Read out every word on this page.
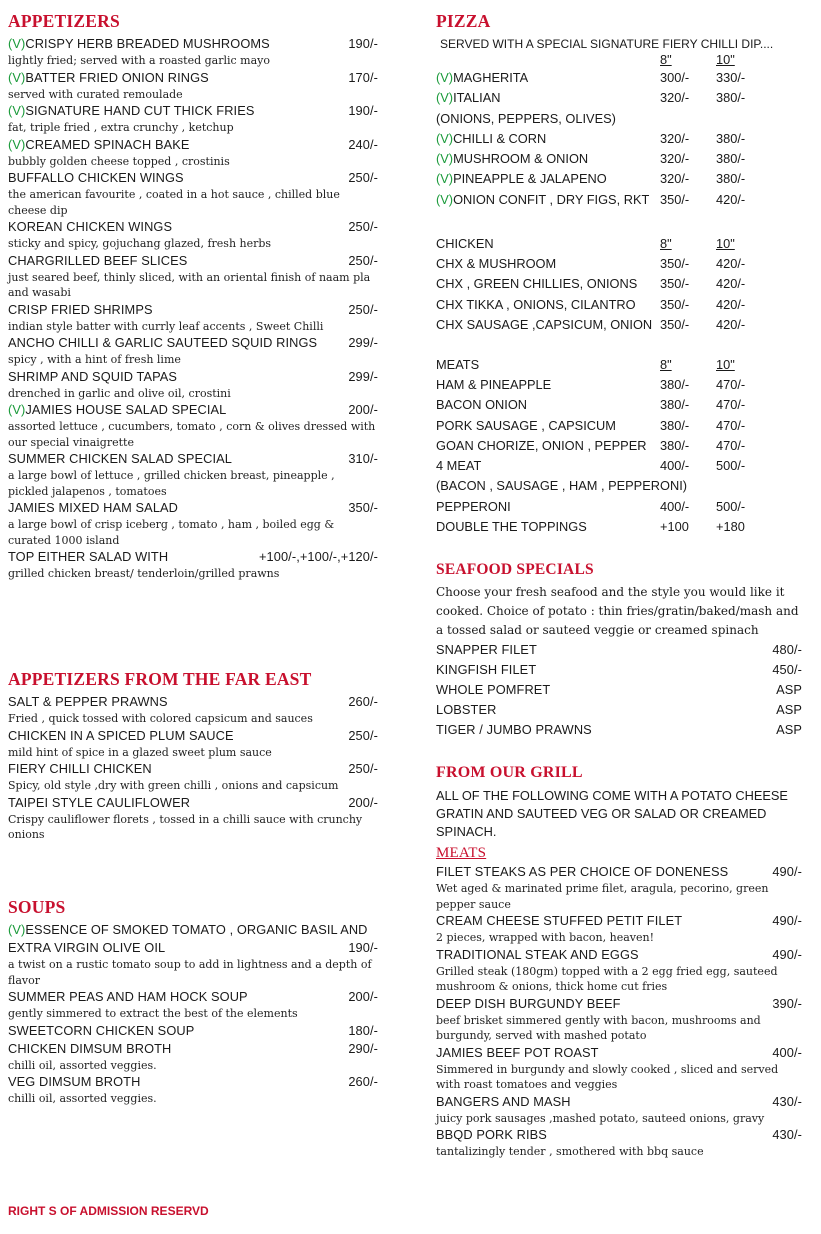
APPETIZERS
(V)CRISPY HERB BREADED MUSHROOMS	190/-
lightly fried; served with a roasted garlic mayo
(V)BATTER FRIED ONION RINGS	170/-
served with curated remoulade
(V)SIGNATURE HAND CUT THICK FRIES	190/-
fat, triple fried , extra crunchy , ketchup
(V)CREAMED SPINACH BAKE	240/-
bubbly golden cheese topped , crostinis
BUFFALLO CHICKEN WINGS	250/-
the american favourite , coated in a hot sauce , chilled blue cheese dip
KOREAN CHICKEN WINGS	250/-
sticky and spicy, gojuchang glazed, fresh herbs
CHARGRILLED BEEF SLICES	250/-
just seared beef, thinly sliced, with an oriental finish of naam pla and wasabi
CRISP FRIED SHRIMPS	250/-
indian style batter with currly leaf accents , Sweet Chilli
ANCHO CHILLI & GARLIC SAUTEED SQUID RINGS	299/-
spicy , with a hint of fresh lime
SHRIMP AND SQUID TAPAS	299/-
drenched in garlic and olive oil, crostini
(V)JAMIES HOUSE SALAD SPECIAL	200/-
assorted lettuce , cucumbers, tomato , corn & olives dressed with our special vinaigrette
SUMMER CHICKEN SALAD SPECIAL	310/-
a large bowl of lettuce , grilled chicken breast, pineapple , pickled jalapenos , tomatoes
JAMIES MIXED HAM SALAD	350/-
a large bowl of crisp iceberg , tomato , ham , boiled egg & curated 1000 island
TOP EITHER SALAD WITH	+100/-,+100/-,+120/-
grilled chicken breast/ tenderloin/grilled prawns
APPETIZERS FROM THE FAR EAST
SALT & PEPPER PRAWNS	260/-
Fried , quick tossed with colored capsicum and sauces
CHICKEN IN A SPICED PLUM SAUCE	250/-
mild hint of spice in a glazed sweet plum sauce
FIERY CHILLI CHICKEN	250/-
Spicy, old style ,dry with green chilli , onions and capsicum
TAIPEI STYLE CAULIFLOWER	200/-
Crispy cauliflower florets , tossed in a chilli sauce with crunchy onions
SOUPS
(V)ESSENCE OF SMOKED TOMATO , ORGANIC BASIL AND
EXTRA VIRGIN OLIVE OIL	190/-
a twist on a rustic tomato soup to add in lightness and a depth of flavor
SUMMER PEAS AND HAM HOCK SOUP	200/-
gently simmered to extract the best of the elements
SWEETCORN CHICKEN SOUP	180/-
CHICKEN DIMSUM BROTH	290/-
chilli oil, assorted veggies.
VEG DIMSUM BROTH	260/-
chilli oil, assorted veggies.
RIGHT S OF ADMISSION RESERVD
PIZZA
SERVED WITH A SPECIAL SIGNATURE FIERY CHILLI DIP....
8"	10"
(V)MAGHERITA	300/-	330/-
(V)ITALIAN	320/-	380/-
(ONIONS, PEPPERS, OLIVES)
(V)CHILLI & CORN	320/-	380/-
(V)MUSHROOM & ONION	320/-	380/-
(V)PINEAPPLE & JALAPENO	320/-	380/-
(V)ONION CONFIT , DRY FIGS, RKT 350/-	420/-
CHICKEN	8"	10"
CHX & MUSHROOM	350/-	420/-
CHX , GREEN CHILLIES, ONIONS	350/-	420/-
CHX TIKKA , ONIONS, CILANTRO	350/-	420/-
CHX SAUSAGE ,CAPSICUM, ONION 350/-	420/-
MEATS	8"	10"
HAM & PINEAPPLE	380/-	470/-
BACON ONION	380/-	470/-
PORK SAUSAGE , CAPSICUM	380/-	470/-
GOAN CHORIZE, ONION , PEPPER	380/-	470/-
4 MEAT	400/-	500/-
(BACON , SAUSAGE , HAM , PEPPERONI)
PEPPERONI	400/-	500/-
DOUBLE THE TOPPINGS	+100	+180
SEAFOOD SPECIALS
Choose your fresh seafood and the style you would like it cooked. Choice of potato : thin fries/gratin/baked/mash and a tossed salad or sauteed veggie or creamed spinach
SNAPPER FILET	480/-
KINGFISH FILET	450/-
WHOLE POMFRET	ASP
LOBSTER	ASP
TIGER / JUMBO PRAWNS	ASP
FROM OUR GRILL
ALL OF THE FOLLOWING COME WITH A POTATO CHEESE GRATIN AND SAUTEED VEG OR SALAD OR CREAMED SPINACH.
MEATS
FILET STEAKS AS PER CHOICE OF DONENESS	490/-
Wet aged & marinated prime filet, aragula, pecorino, green pepper sauce
CREAM CHEESE STUFFED PETIT FILET	490/-
2 pieces, wrapped with bacon, heaven!
TRADITIONAL STEAK AND EGGS	490/-
Grilled steak (180gm) topped with a 2 egg fried egg, sauteed mushroom & onions, thick home cut fries
DEEP DISH BURGUNDY BEEF	390/-
beef brisket simmered gently with bacon, mushrooms and burgundy, served with mashed potato
JAMIES BEEF POT ROAST	400/-
Simmered in burgundy and slowly cooked , sliced and served with roast tomatoes and veggies
BANGERS AND MASH	430/-
juicy pork sausages ,mashed potato, sauteed onions, gravy
BBQD PORK RIBS	430/-
tantalizingly tender , smothered with bbq sauce
